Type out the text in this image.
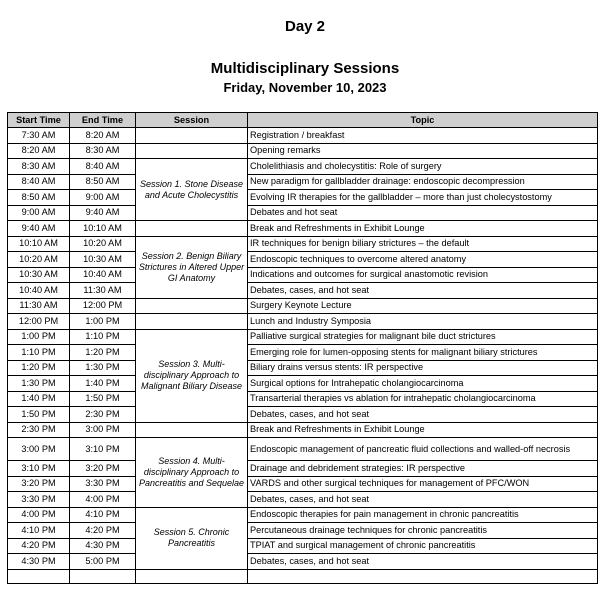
Day 2
Multidisciplinary Sessions
Friday, November 10, 2023
Start Time	End Time	Session	Topic
7:30 AM	8:20 AM		Registration / breakfast
8:20 AM	8:30 AM		Opening remarks
8:30 AM	8:40 AM	Session 1. Stone Disease and Acute Cholecystitis	Cholelithiasis and cholecystitis: Role of surgery
8:40 AM	8:50 AM		New paradigm for gallbladder drainage: endoscopic decompression
8:50 AM	9:00 AM		Evolving IR therapies for the gallbladder – more than just cholecystostomy
9:00 AM	9:40 AM		Debates and hot seat
9:40 AM	10:10 AM		Break and Refreshments in Exhibit Lounge
10:10 AM	10:20 AM	Session 2. Benign Biliary Strictures in Altered Upper GI Anatomy	IR techniques for benign biliary strictures – the default
10:20 AM	10:30 AM		Endoscopic techniques to overcome altered anatomy
10:30 AM	10:40 AM		Indications and outcomes for surgical anastomotic revision
10:40 AM	11:30 AM		Debates, cases, and hot seat
11:30 AM	12:00 PM		Surgery Keynote Lecture
12:00 PM	1:00 PM		Lunch and Industry Symposia
1:00 PM	1:10 PM	Session 3. Multi-disciplinary Approach to Malignant Biliary Disease	Palliative surgical strategies for malignant bile duct strictures
1:10 PM	1:20 PM		Emerging role for lumen-opposing stents for malignant biliary strictures
1:20 PM	1:30 PM		Biliary drains versus stents: IR perspective
1:30 PM	1:40 PM		Surgical options for Intrahepatic cholangiocarcinoma
1:40 PM	1:50 PM		Transarterial therapies vs ablation for intrahepatic cholangiocarcinoma
1:50 PM	2:30 PM		Debates, cases, and hot seat
2:30 PM	3:00 PM		Break and Refreshments in Exhibit Lounge
3:00 PM	3:10 PM	Session 4. Multi-disciplinary Approach to Pancreatitis and Sequelae	Endoscopic management of pancreatic fluid collections and walled-off necrosis
3:10 PM	3:20 PM		Drainage and debridement strategies: IR perspective
3:20 PM	3:30 PM		VARDS and other surgical techniques for management of PFC/WON
3:30 PM	4:00 PM		Debates, cases, and hot seat
4:00 PM	4:10 PM	Session 5. Chronic Pancreatitis	Endoscopic therapies for pain management in chronic pancreatitis
4:10 PM	4:20 PM		Percutaneous drainage techniques for chronic pancreatitis
4:20 PM	4:30 PM		TPIAT and surgical management of chronic pancreatitis
4:30 PM	5:00 PM		Debates, cases, and hot seat
